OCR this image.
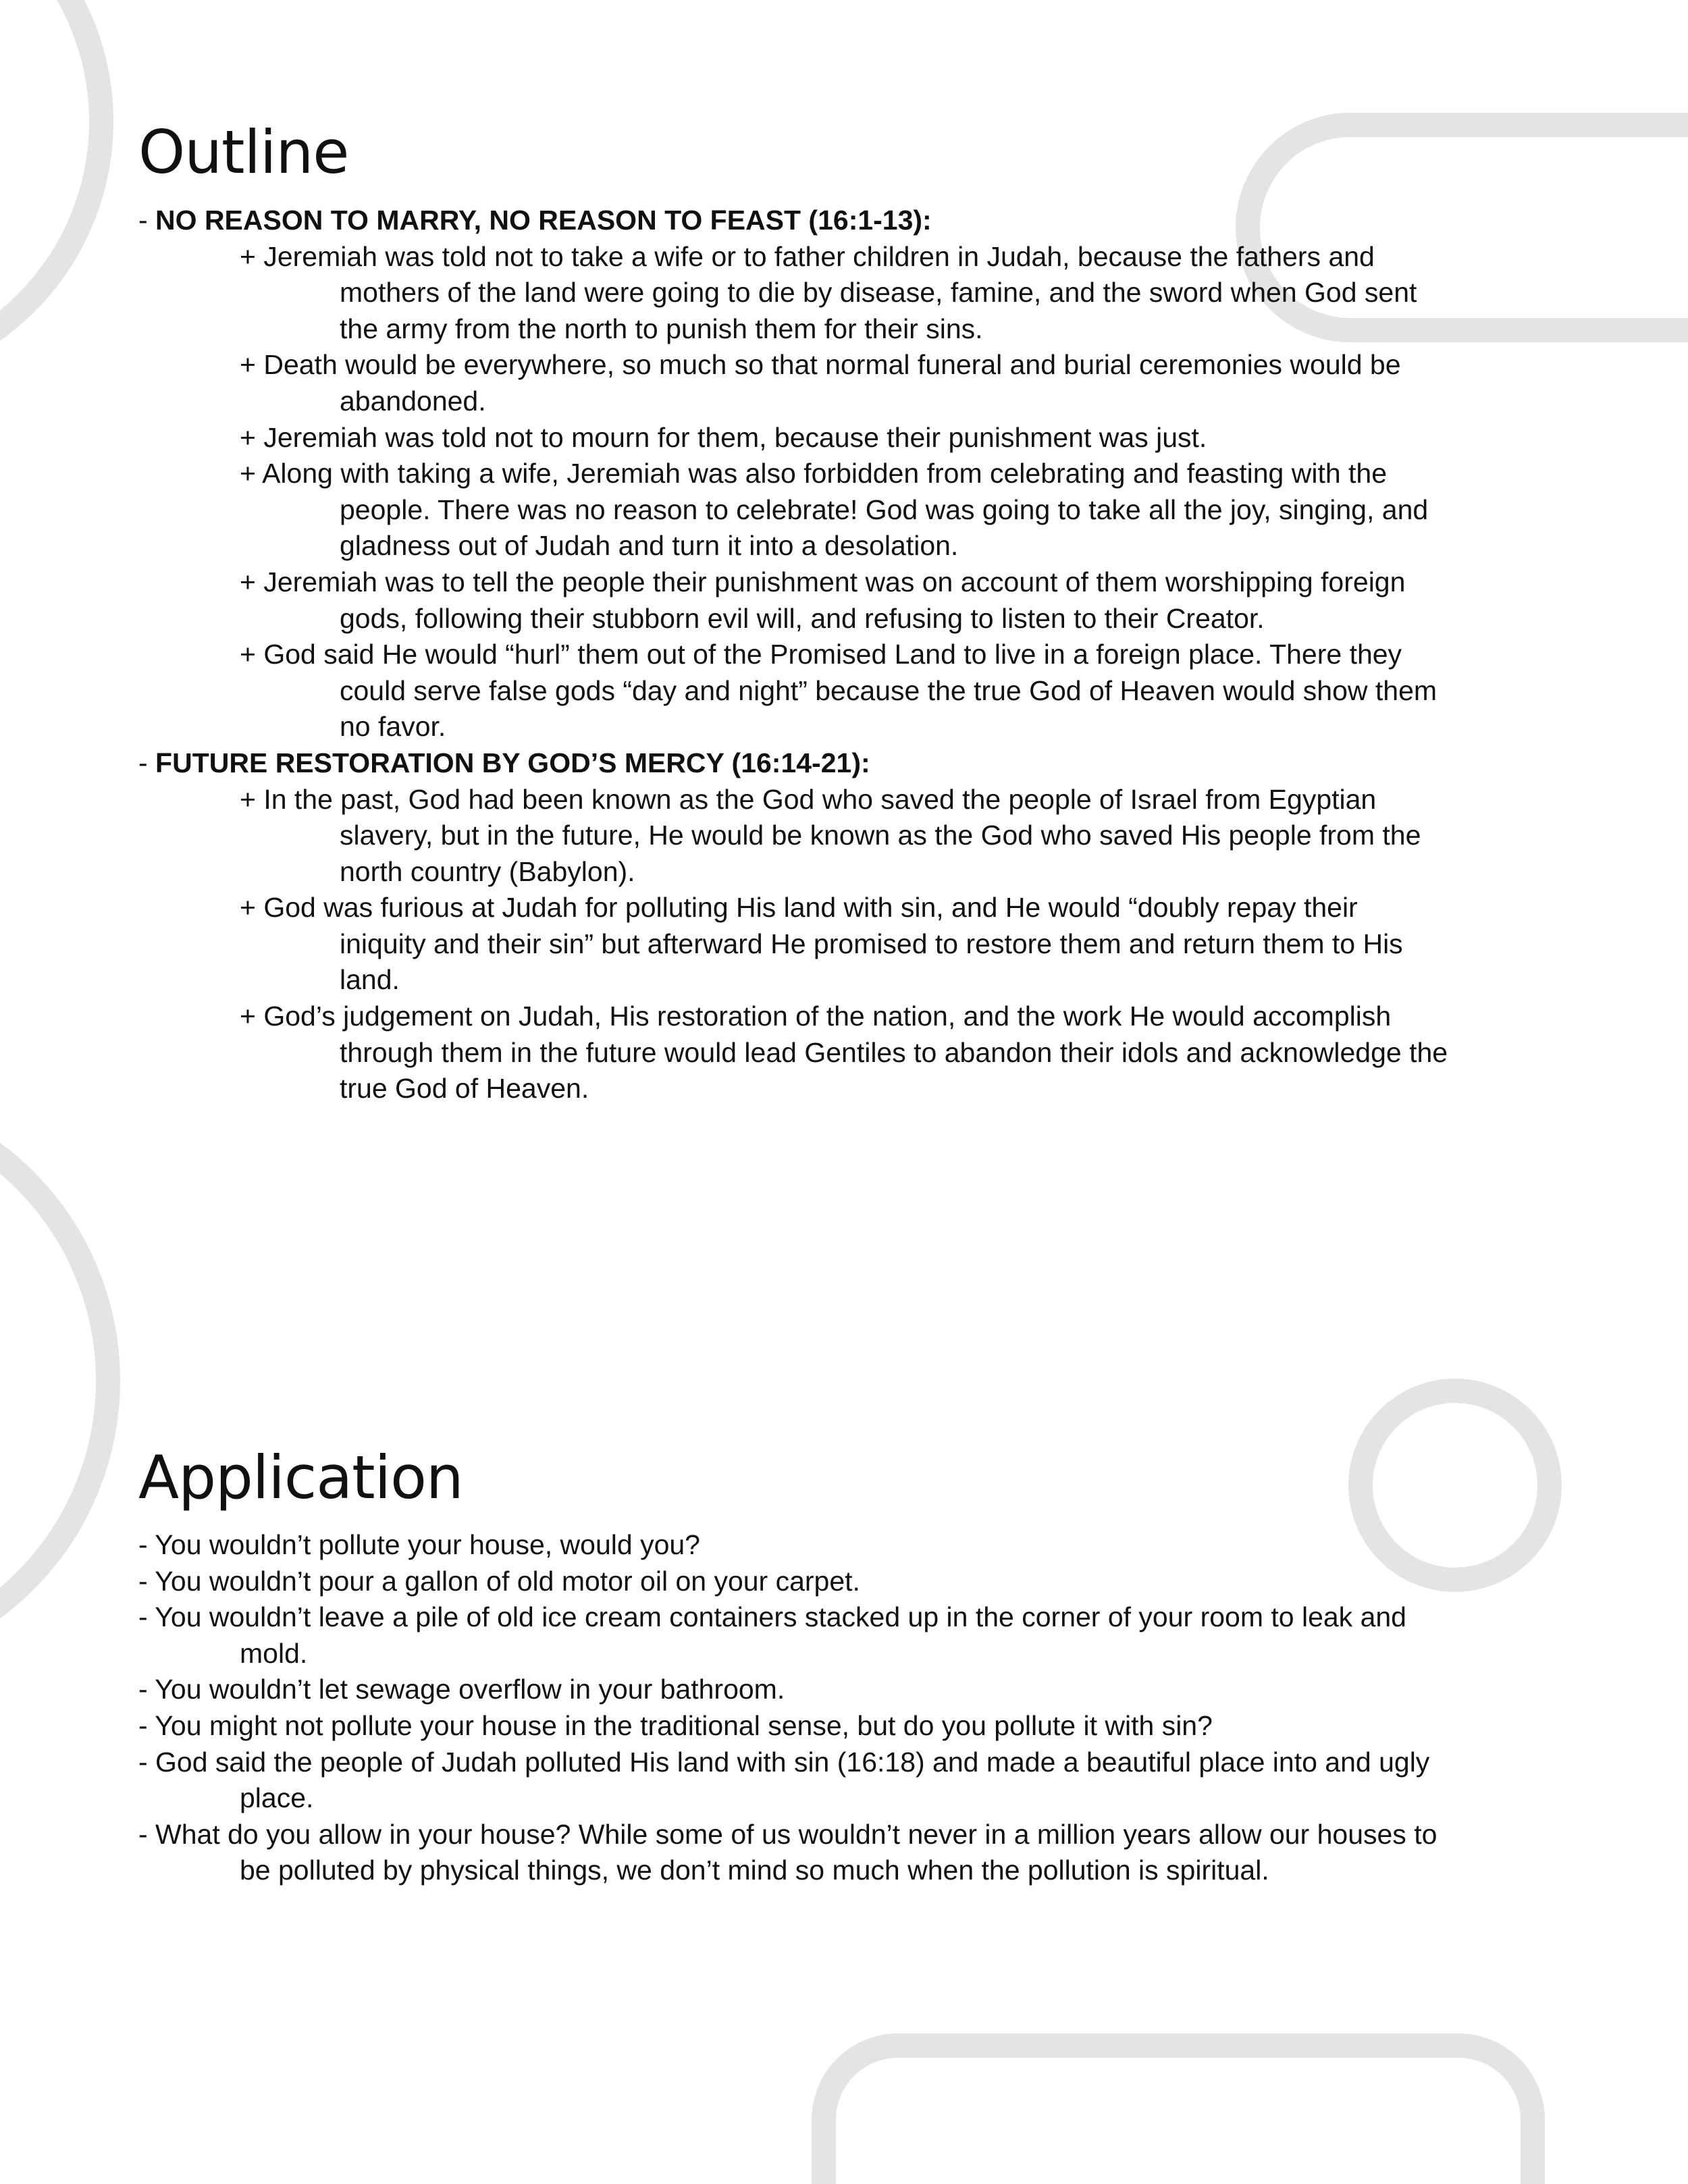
Outline
- NO REASON TO MARRY, NO REASON TO FEAST (16:1-13):
+ Jeremiah was told not to take a wife or to father children in Judah, because the fathers and
mothers of the land were going to die by disease, famine, and the sword when God sent
the army from the north to punish them for their sins.
+ Death would be everywhere, so much so that normal funeral and burial ceremonies would be
abandoned.
+ Jeremiah was told not to mourn for them, because their punishment was just.
+ Along with taking a wife, Jeremiah was also forbidden from celebrating and feasting with the
people. There was no reason to celebrate! God was going to take all the joy, singing, and
gladness out of Judah and turn it into a desolation.
+ Jeremiah was to tell the people their punishment was on account of them worshipping foreign
gods, following their stubborn evil will, and refusing to listen to their Creator.
+ God said He would “hurl” them out of the Promised Land to live in a foreign place. There they
could serve false gods “day and night” because the true God of Heaven would show them
no favor.
- FUTURE RESTORATION BY GOD’S MERCY (16:14-21):
+ In the past, God had been known as the God who saved the people of Israel from Egyptian
slavery, but in the future, He would be known as the God who saved His people from the
north country (Babylon).
+ God was furious at Judah for polluting His land with sin, and He would “doubly repay their
iniquity and their sin” but afterward He promised to restore them and return them to His
land.
+ God’s judgement on Judah, His restoration of the nation, and the work He would accomplish
through them in the future would lead Gentiles to abandon their idols and acknowledge the
true God of Heaven.
Application
- You wouldn’t pollute your house, would you?
- You wouldn’t pour a gallon of old motor oil on your carpet.
- You wouldn’t leave a pile of old ice cream containers stacked up in the corner of your room to leak and
mold.
- You wouldn’t let sewage overflow in your bathroom.
- You might not pollute your house in the traditional sense, but do you pollute it with sin?
- God said the people of Judah polluted His land with sin (16:18) and made a beautiful place into and ugly
place.
- What do you allow in your house? While some of us wouldn’t never in a million years allow our houses to
be polluted by physical things, we don’t mind so much when the pollution is spiritual.
